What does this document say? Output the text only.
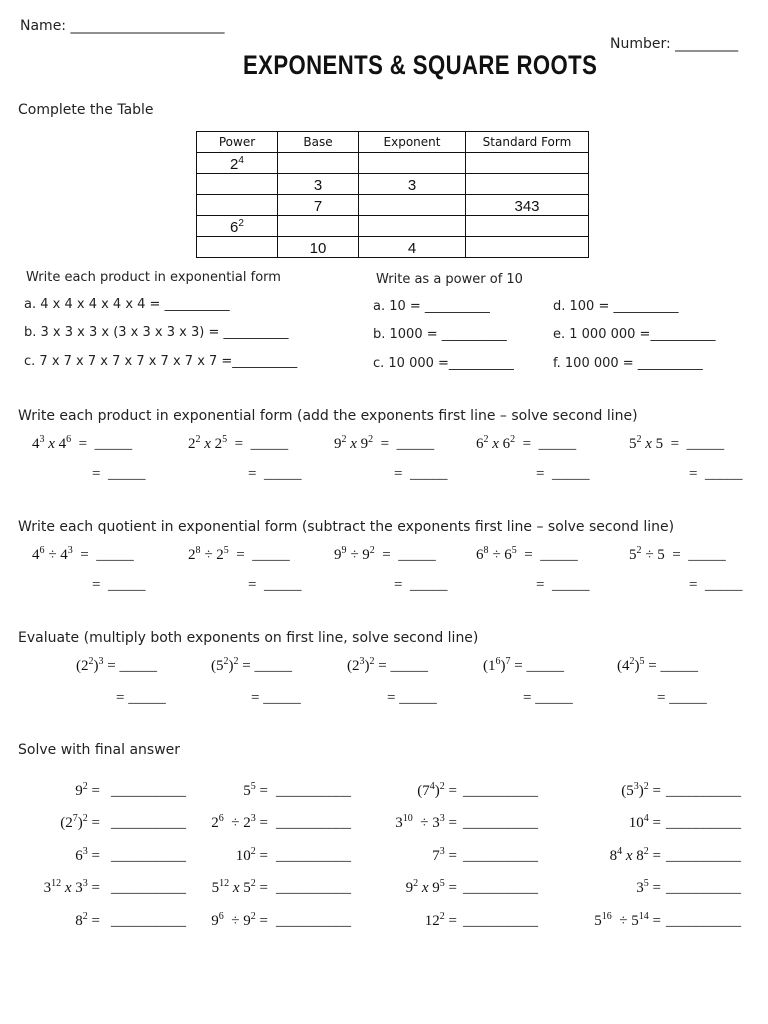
Name: ______________________
Number: _________
EXPONENTS & SQUARE ROOTS
Complete the Table
Power	Base	Exponent	Standard Form
$2^4$			
	3	3	
	7		343
$6^2$			
	10	4	
Write each product in exponential form
a. 4 x 4 x 4 x 4 x 4 = __________
b. 3 x 3 x 3 x (3 x 3 x 3 x 3) = __________
c. 7 x 7 x 7 x 7 x 7 x 7 x 7 x 7 =__________
Write as a power of 10
a. 10 = __________	d. 100 = __________
b. 1000 = __________	e. 1 000 000 =__________
c. 10 000 =__________	f. 100 000 = __________
Write each product in exponential form (add the exponents first line – solve second line)
$4^3$ x $4^6$  =  _____
=  _____
$2^2$ x $2^5$  =  _____
=  _____
$9^2$ x $9^2$  =  _____
=  _____
$6^2$ x $6^2$  =  _____
=  _____
$5^2$ x 5  =  _____
=  _____
Write each quotient in exponential form (subtract the exponents first line – solve second line)
$4^6 \div 4^3$  =  _____
=  _____
$2^8 \div 2^5$  =  _____
=  _____
$9^9 \div 9^2$  =  _____
=  _____
$6^8 \div 6^5$  =  _____
=  _____
$5^2 \div 5$  =  _____
=  _____
Evaluate (multiply both exponents on first line, solve second line)
$(2^2)^3$ = _____
= _____
$(5^2)^2$ = _____
= _____
$(2^3)^2$ = _____
= _____
$(1^6)^7$ = _____
= _____
$(4^2)^5$ = _____
= _____
Solve with final answer
$9^2$ = __________	$5^5$ = __________	$(7^4)^2$ = __________	$(5^3)^2$ = __________
$(2^7)^2$ = __________ $2^6 \div 2^3$ = __________	$3^{10} \div 3^3$ = __________	$10^4$ = __________
$6^3$ = __________	$10^2$ = __________	$7^3$ = __________	$8^4$ x $8^2$ = __________
$3^{12}$ x $3^3$ = __________ $5^{12}$ x $5^2$ = __________	$9^2$ x $9^5$ = __________	$3^5$ = __________
$8^2$ = __________ $9^6 \div 9^2$ = __________	$12^2$ = __________	$5^{16} \div 5^{14}$ = __________
